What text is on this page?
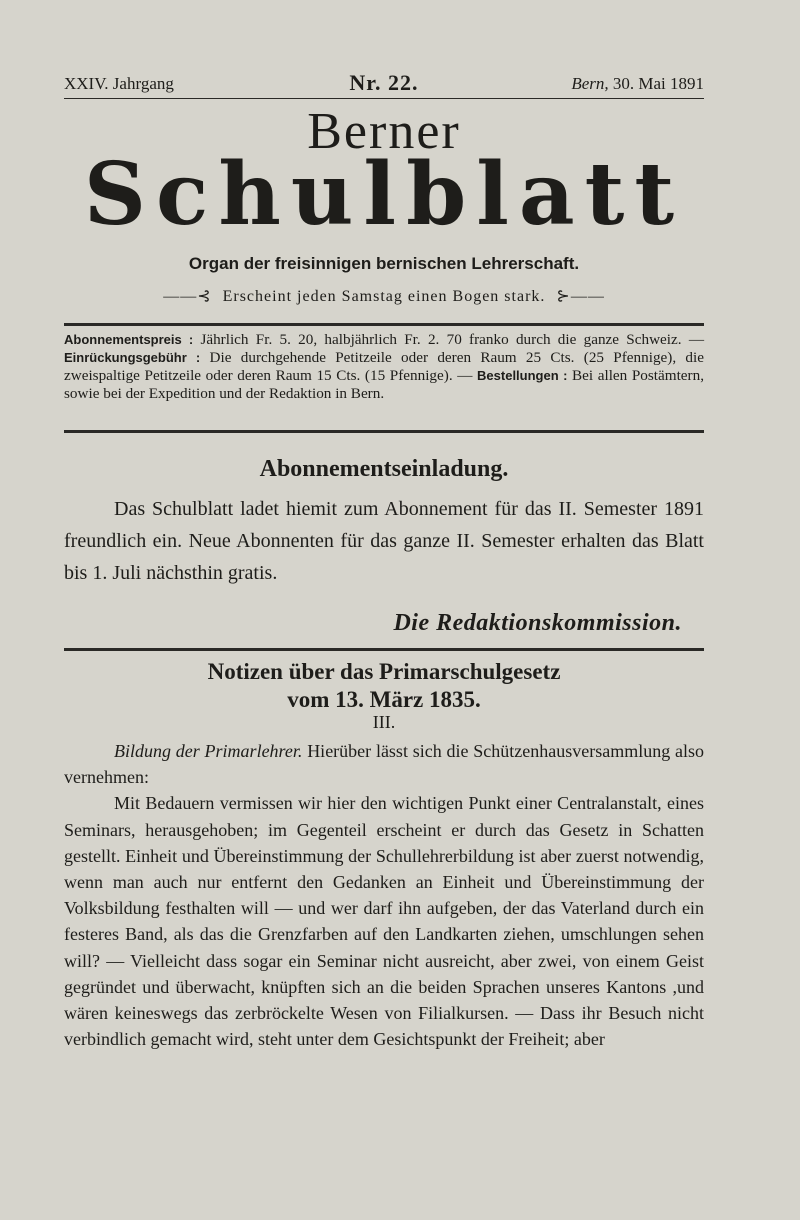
XXIV. Jahrgang	Nr. 22.	Bern, 30. Mai 1891
Berner
Schulblatt
Organ der freisinnigen bernischen Lehrerschaft.
——⊰ Erscheint jeden Samstag einen Bogen stark. ⊱——
Abonnementspreis : Jährlich Fr. 5. 20, halbjährlich Fr. 2. 70 franko durch die ganze Schweiz. — Einrückungsgebühr : Die durchgehende Petitzeile oder deren Raum 25 Cts. (25 Pfennige), die zweispaltige Petitzeile oder deren Raum 15 Cts. (15 Pfennige). — Bestellungen : Bei allen Postämtern, sowie bei der Expedition und der Redaktion in Bern.
Abonnementseinladung.
Das Schulblatt ladet hiemit zum Abonnement für das II. Semester 1891 freundlich ein. Neue Abonnenten für das ganze II. Semester erhalten das Blatt bis 1. Juli nächsthin gratis.
Die Redaktionskommission.
Notizen über das Primarschulgesetz
vom 13. März 1835.
III.

Bildung der Primarlehrer. Hierüber lässt sich die Schützenhausversammlung also vernehmen:

Mit Bedauern vermissen wir hier den wichtigen Punkt einer Centralanstalt, eines Seminars, herausgehoben; im Gegenteil erscheint er durch das Gesetz in Schatten gestellt. Einheit und Übereinstimmung der Schullehrerbildung ist aber zuerst notwendig, wenn man auch nur entfernt den Gedanken an Einheit und Übereinstimmung der Volksbildung festhalten will — und wer darf ihn aufgeben, der das Vaterland durch ein festeres Band, als das die Grenzfarben auf den Landkarten ziehen, umschlungen sehen will? — Vielleicht dass sogar ein Seminar nicht ausreicht, aber zwei, von einem Geist gegründet und überwacht, knüpften sich an die beiden Sprachen unseres Kantons ,und wären keineswegs das zerbröckelte Wesen von Filialkursen. — Dass ihr Besuch nicht verbindlich gemacht wird, steht unter dem Gesichtspunkt der Freiheit; aber
